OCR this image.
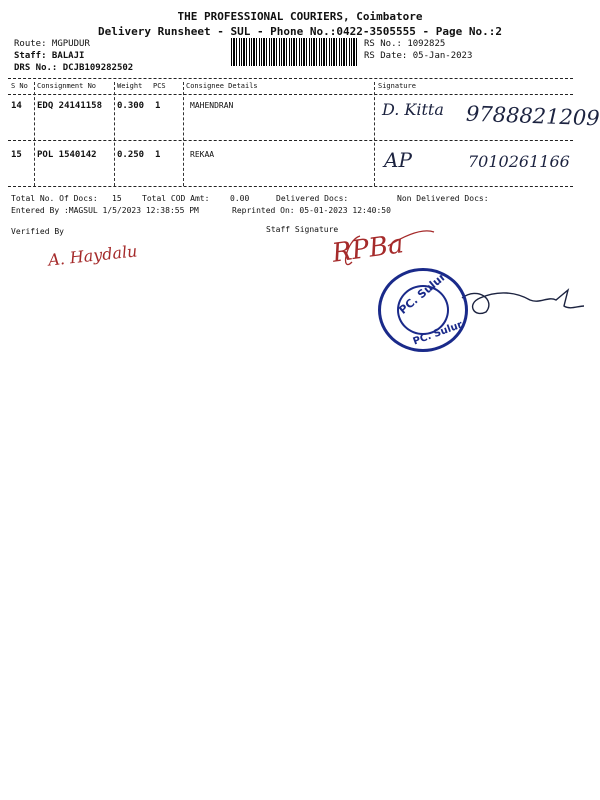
THE PROFESSIONAL COURIERS, Coimbatore
Delivery Runsheet - SUL - Phone No.:0422-3505555 - Page No.:2
Route: MGPUDUR
Staff: BALAJI
DRS No.: DCJB109282502
RS No.: 1092825
RS Date: 05-Jan-2023
S No Consignment No	Weight PCS	Consignee Details	Signature
14 EDQ 24141158 0.300 1	MAHENDRAN	D. Kitta 9788821209
15 POL 1540142 0.250 1	REKAA	AP	7010261166
Total No. Of Docs: 15	Total COD Amt:	0.00	Delivered Docs:	Non Delivered Docs:
Entered By :MAGSUL 1/5/2023 12:38:55 PM	Reprinted On: 05-01-2023 12:40:50
Verified By	Staff Signature
A. Haydalu	RPBa
PC. Sulur
PC. Sulur
